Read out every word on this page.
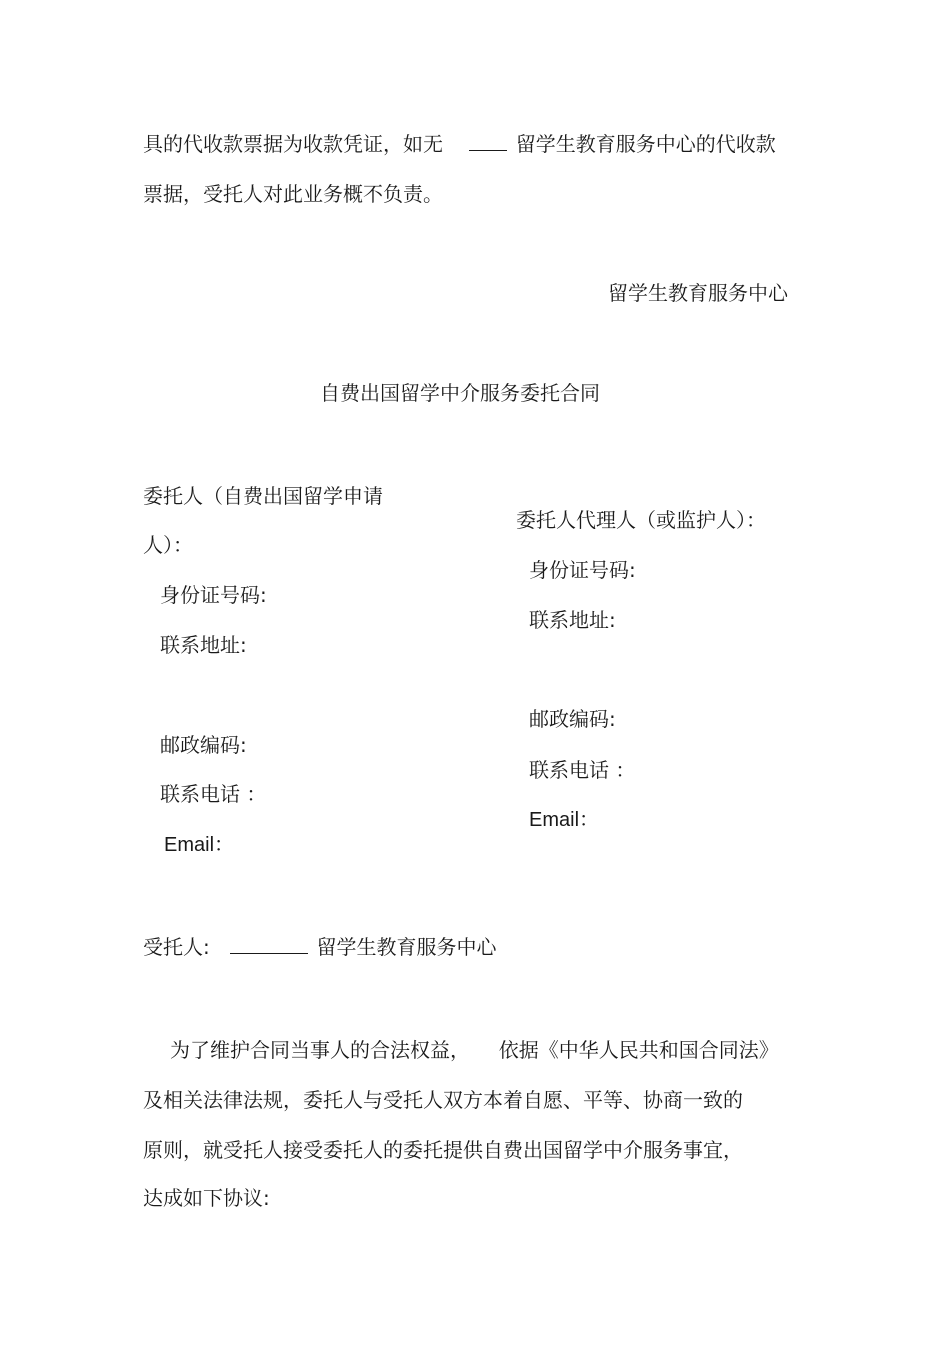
具的代收款票据为收款凭证，如无	留学生教育服务中心的代收款
票据，受托人对此业务概不负责。
留学生教育服务中心
自费出国留学中介服务委托合同
委托人（自费出国留学申请
人）：
身份证号码:
联系地址:
邮政编码:
联系电话 ：
Email：
委托人代理人（或监护人）：
身份证号码:
联系地址:
邮政编码:
联系电话 ：
Email：
受托人:	留学生教育服务中心
为了维护合同当事人的合法权益， 依据《中华人民共和国合同法》
及相关法律法规，委托人与受托人双方本着自愿、平等、协商一致的
原则，就受托人接受委托人的委托提供自费出国留学中介服务事宜，
达成如下协议:
